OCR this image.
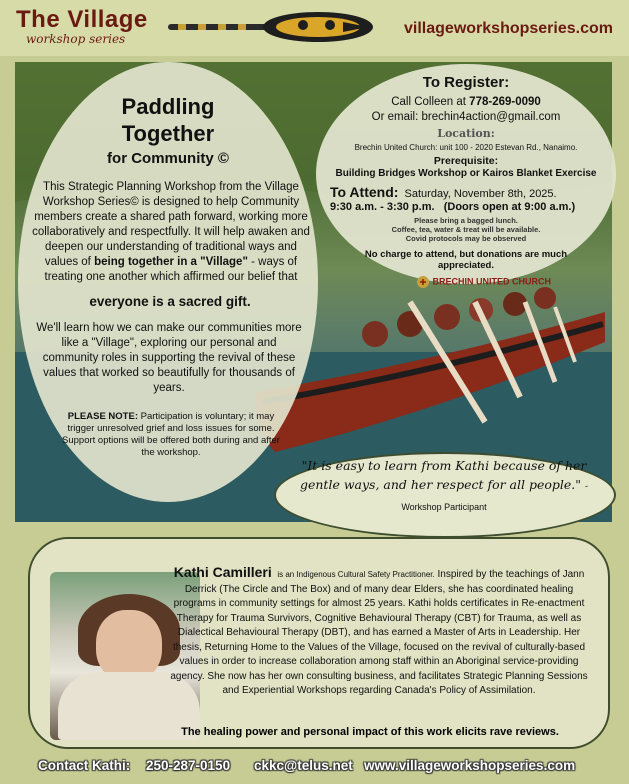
The Village
workshop series
villageworkshopseries.com
Paddling
Together
for Community ©
This Strategic Planning Workshop from the Village Workshop Series© is designed to help Community members create a shared path forward, working more collaboratively and respectfully. It will help awaken and deepen our understanding of traditional ways and values of being together in a "Village" - ways of treating one another which affirmed our belief that
everyone is a sacred gift.
We'll learn how we can make our communities more like a "Village", exploring our personal and community roles in supporting the revival of these values that worked so beautifully for thousands of years.
PLEASE NOTE: Participation is voluntary; it may trigger unresolved grief and loss issues for some. Support options will be offered both during and after the workshop.
To Register:
Call Colleen at 778-269-0090
Or email: brechin4action@gmail.com
Location:
Brechin United Church: unit 100 - 2020 Estevan Rd., Nanaimo.
Prerequisite:
Building Bridges Workshop or Kairos Blanket Exercise
To Attend: Saturday, November 8th, 2025.
9:30 a.m. - 3:30 p.m. (Doors open at 9:00 a.m.)
Please bring a bagged lunch.
Coffee, tea, water & treat will be available.
Covid protocols may be observed
No charge to attend, but donations are much appreciated.
BRECHIN UNITED CHURCH
"It is easy to learn from Kathi because of her gentle ways, and her respect for all people." - Workshop Participant
Kathi Camilleri is an Indigenous Cultural Safety Practitioner. Inspired by the teachings of Jann Derrick (The Circle and The Box) and of many dear Elders, she has coordinated healing programs in community settings for almost 25 years. Kathi holds certificates in Re-enactment Therapy for Trauma Survivors, Cognitive Behavioural Therapy (CBT) for Trauma, as well as Dialectical Behavioural Therapy (DBT), and has earned a Master of Arts in Leadership. Her thesis, Returning Home to the Values of the Village, focused on the revival of culturally-based values in order to increase collaboration among staff within an Aboriginal service-providing agency. She now has her own consulting business, and facilitates Strategic Planning Sessions and Experiential Workshops regarding Canada's Policy of Assimilation.
The healing power and personal impact of this work elicits rave reviews.
Contact Kathi: 250-287-0150 ckkc@telus.net www.villageworkshopseries.com
